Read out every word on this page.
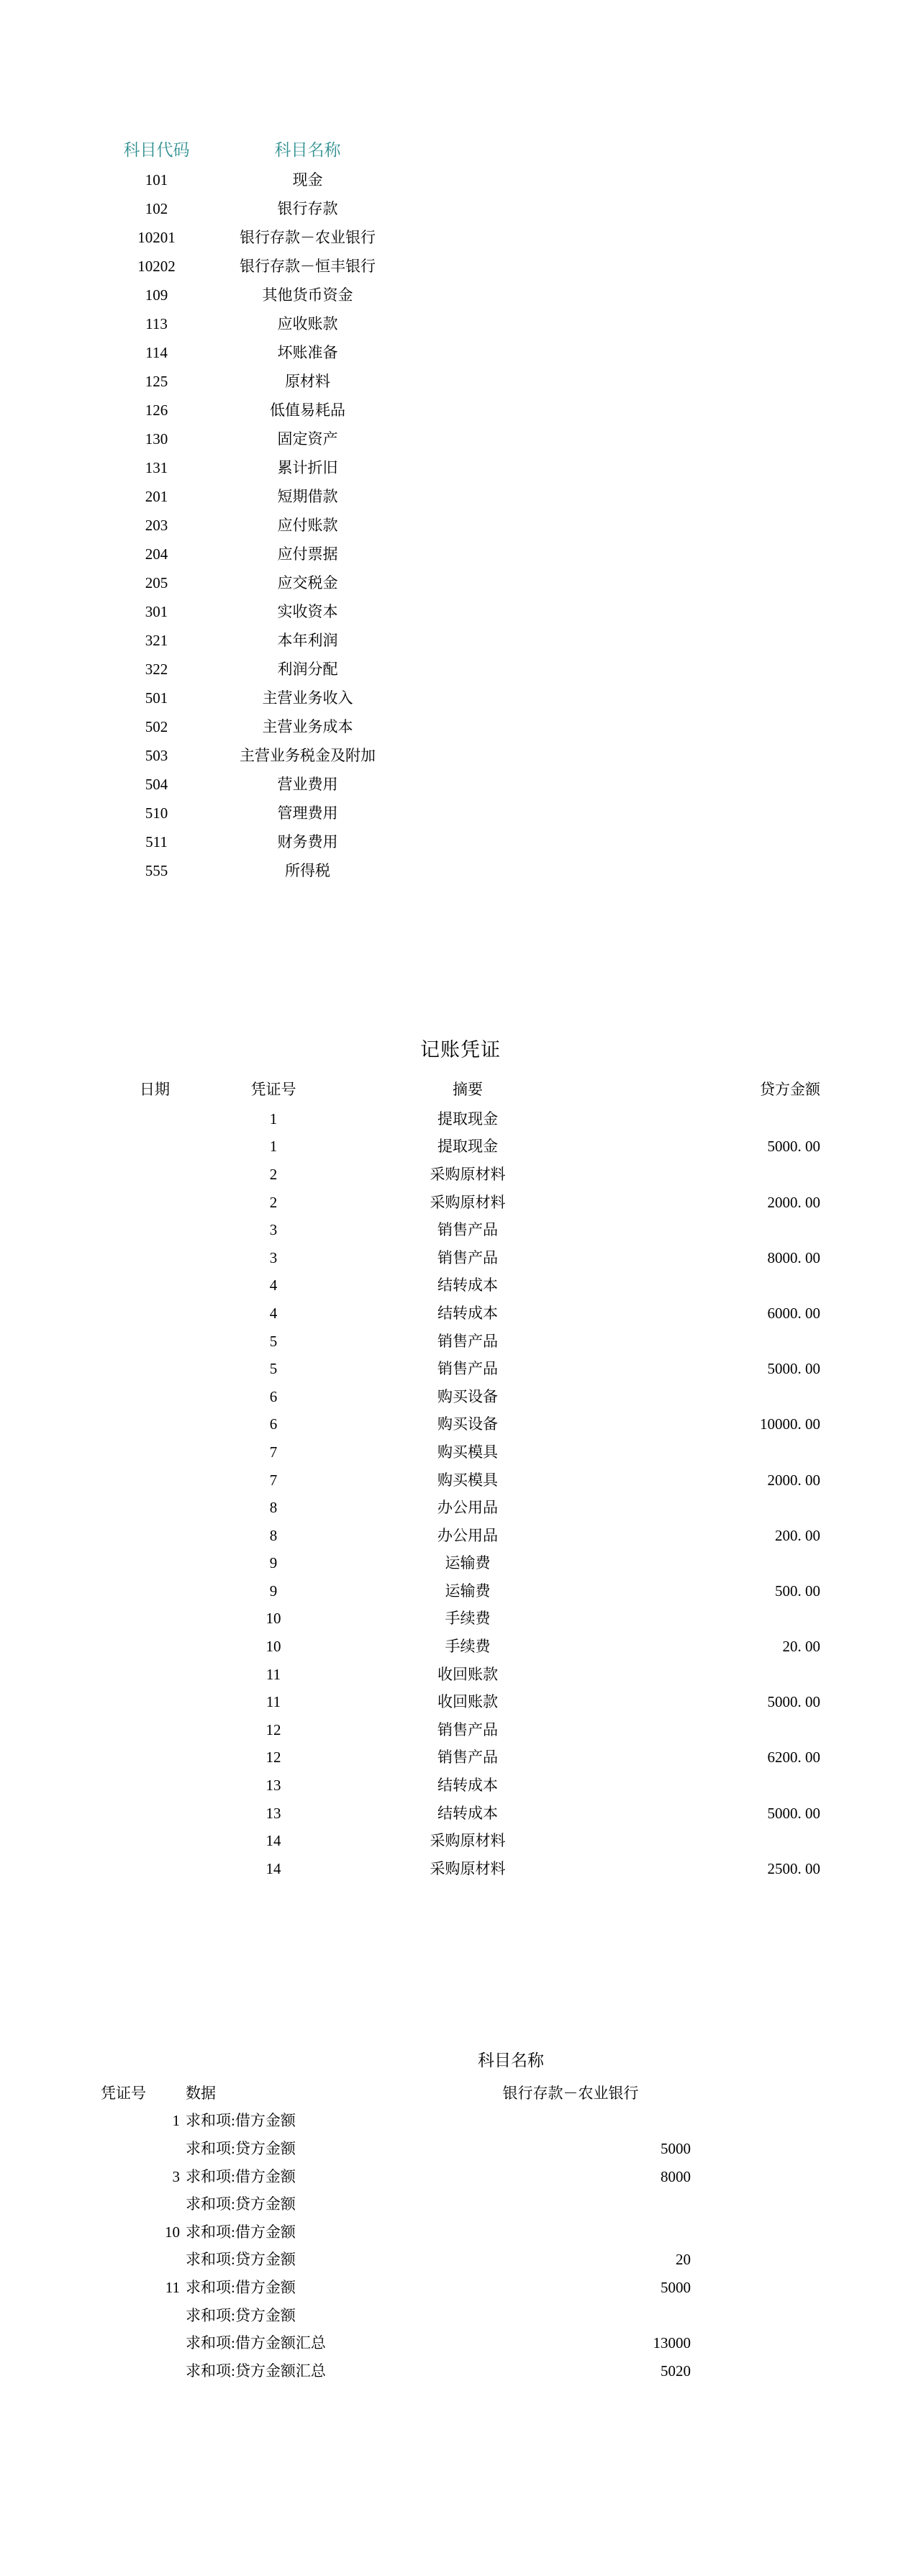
科目代码	科目名称
101	现金
102	银行存款
10201	银行存款－农业银行
10202	银行存款－恒丰银行
109	其他货币资金
113	应收账款
114	坏账准备
125	原材料
126	低值易耗品
130	固定资产
131	累计折旧
201	短期借款
203	应付账款
204	应付票据
205	应交税金
301	实收资本
321	本年利润
322	利润分配
501	主营业务收入
502	主营业务成本
503	主营业务税金及附加
504	营业费用
510	管理费用
511	财务费用
555	所得税
记账凭证
日期	凭证号	摘要	贷方金额
	1	提取现金	
	1	提取现金	5000. 00
	2	采购原材料	
	2	采购原材料	2000. 00
	3	销售产品	
	3	销售产品	8000. 00
	4	结转成本	
	4	结转成本	6000. 00
	5	销售产品	
	5	销售产品	5000. 00
	6	购买设备	
	6	购买设备	10000. 00
	7	购买模具	
	7	购买模具	2000. 00
	8	办公用品	
	8	办公用品	200. 00
	9	运输费	
	9	运输费	500. 00
	10	手续费	
	10	手续费	20. 00
	11	收回账款	
	11	收回账款	5000. 00
	12	销售产品	
	12	销售产品	6200. 00
	13	结转成本	
	13	结转成本	5000. 00
	14	采购原材料	
	14	采购原材料	2500. 00
科目名称
凭证号	数据	银行存款－农业银行
1	求和项:借方金额	
	求和项:贷方金额	5000
3	求和项:借方金额	8000
	求和项:贷方金额	
10	求和项:借方金额	
	求和项:贷方金额	20
11	求和项:借方金额	5000
	求和项:贷方金额	
	求和项:借方金额汇总	13000
	求和项:贷方金额汇总	5020
